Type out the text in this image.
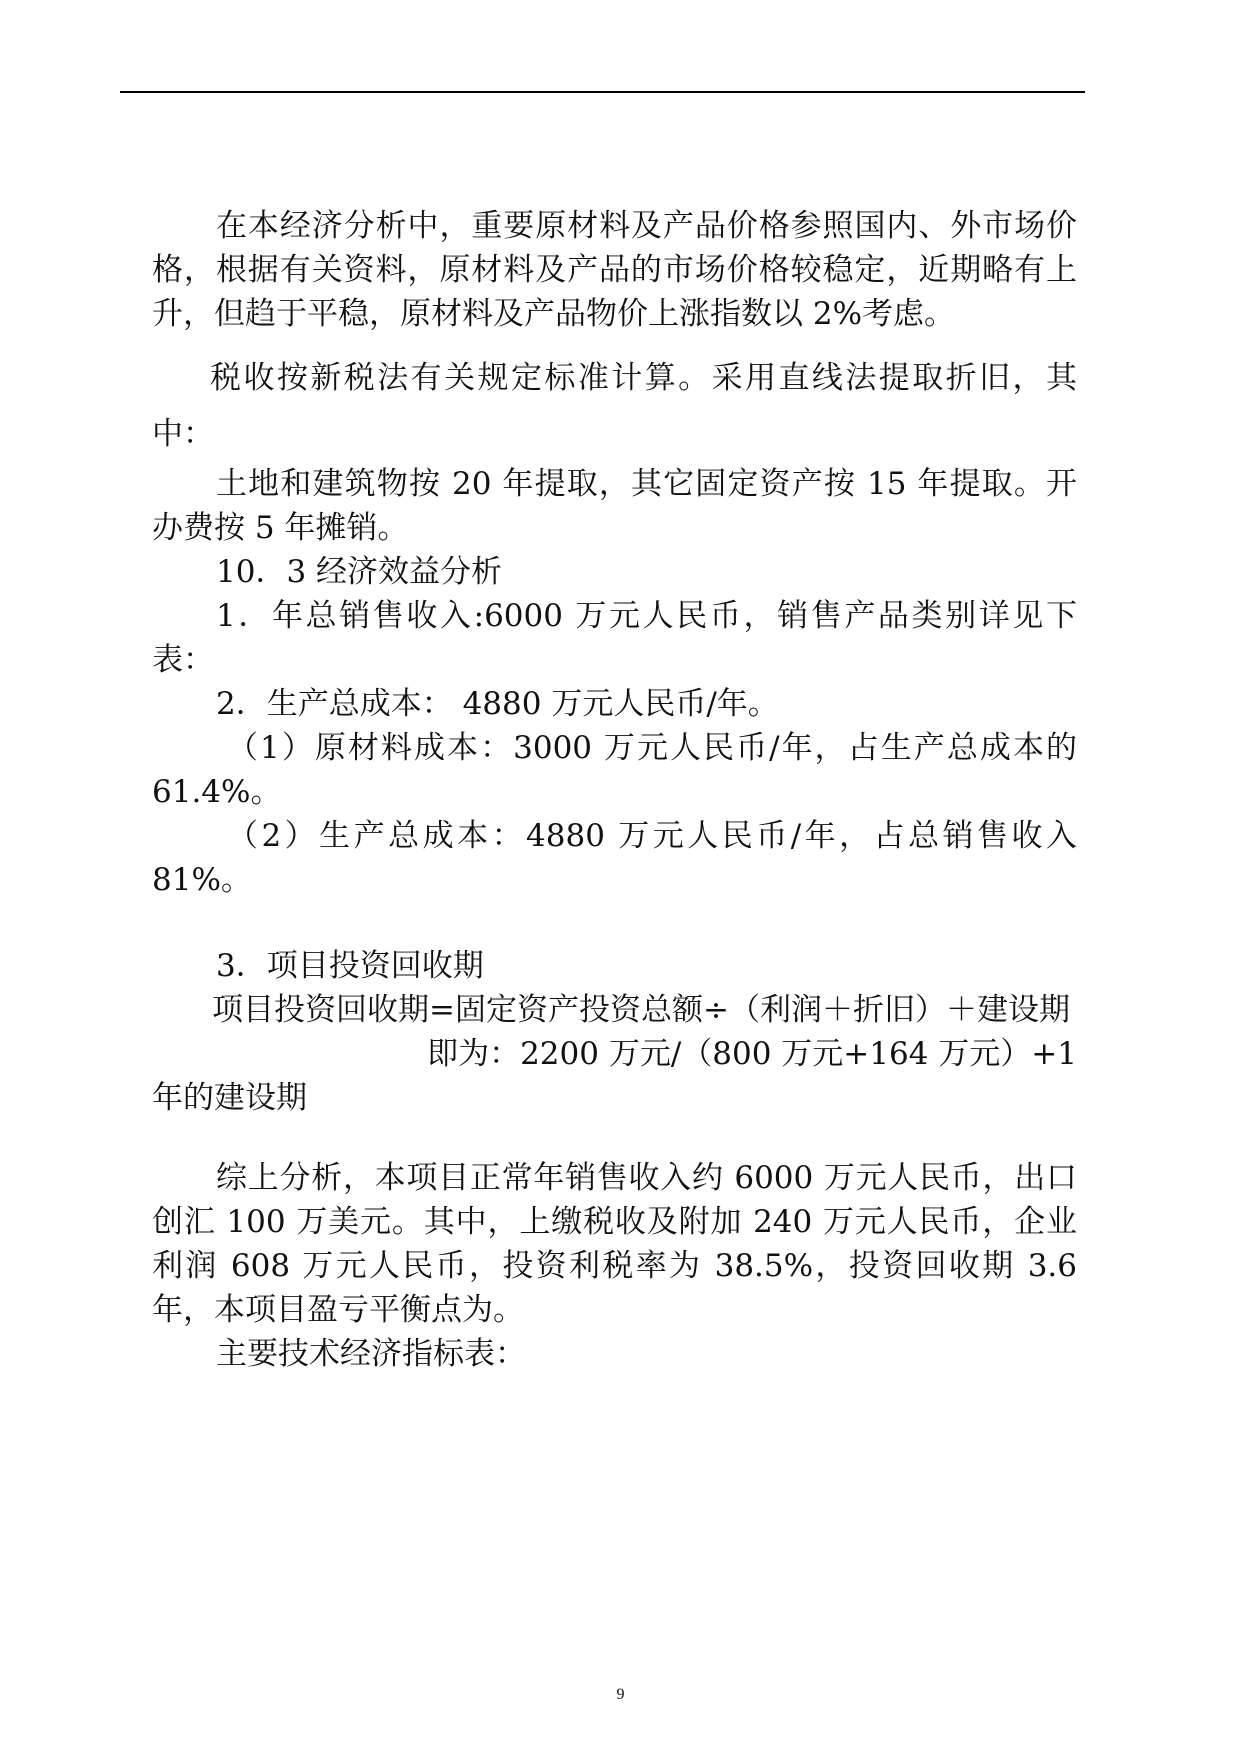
在本经济分析中，重要原材料及产品价格参照国内、外市场价格，根据有关资料，原材料及产品的市场价格较稳定，近期略有上升，但趋于平稳，原材料及产品物价上涨指数以 2%考虑。

税收按新税法有关规定标准计算。采用直线法提取折旧，其中：

土地和建筑物按 20 年提取，其它固定资产按 15 年提取。开办费按 5 年摊销。

10．3 经济效益分析

1．年总销售收入:6000 万元人民币，销售产品类别详见下表：

2．生产总成本： 4880 万元人民币/年。

（1）原材料成本：3000 万元人民币/年，占生产总成本的 61.4%。

（2）生产总成本：4880 万元人民币/年，占总销售收入 81%。

3．项目投资回收期

项目投资回收期=固定资产投资总额÷（利润＋折旧）＋建设期

即为：2200 万元/（800 万元+164 万元）+1

年的建设期

综上分析，本项目正常年销售收入约 6000 万元人民币，出口创汇 100 万美元。其中，上缴税收及附加 240 万元人民币，企业利润 608 万元人民币，投资利税率为 38.5%，投资回收期 3.6 年，本项目盈亏平衡点为。

主要技术经济指标表：

9
